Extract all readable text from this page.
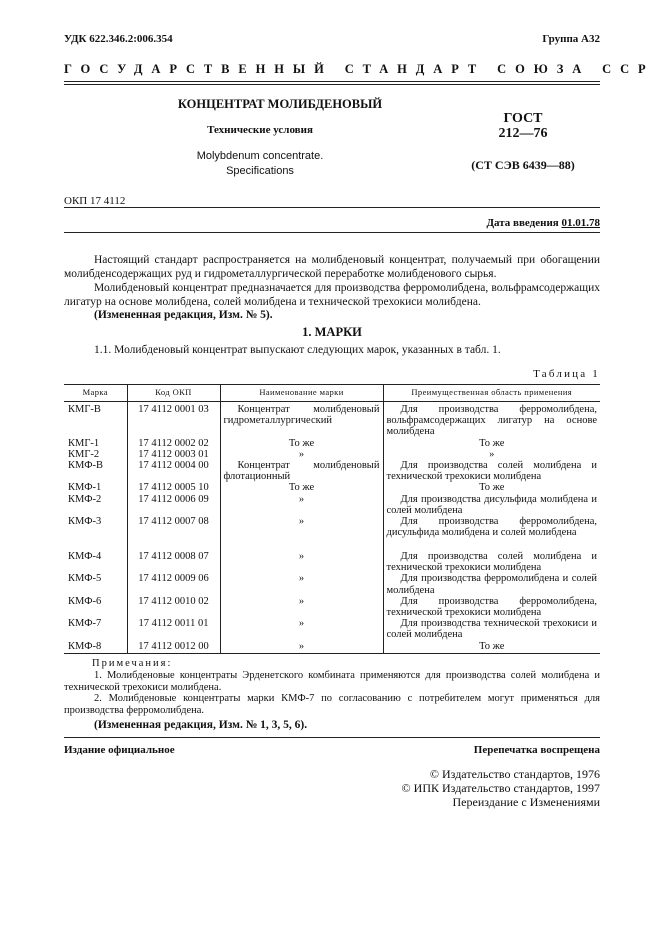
УДК 622.346.2:006.354	Группа А32
ГОСУДАРСТВЕННЫЙ СТАНДАРТ СОЮЗА ССР
КОНЦЕНТРАТ МОЛИБДЕНОВЫЙ
Технические условия
Molybdenum concentrate.
Specifications
ГОСТ
212—76
(СТ СЭВ 6439—88)
ОКП 17 4112
Дата введения 01.01.78
Настоящий стандарт распространяется на молибденовый концентрат, получаемый при обогащении молибденсодержащих руд и гидрометаллургической переработке молибденового сырья.
Молибденовый концентрат предназначается для производства ферромолибдена, вольфрамсодержащих лигатур на основе молибдена, солей молибдена и технической трехокиси молибдена.
(Измененная редакция, Изм. № 5).
1. МАРКИ
1.1. Молибденовый концентрат выпускают следующих марок, указанных в табл. 1.
Таблица 1
Марка	Код ОКП	Наименование марки	Преимущественная область применения
КМГ-В	17 4112 0001 03	Концентрат молибденовый гидрометаллургический	Для производства ферромолибдена, вольфрамсодержащих лигатур на основе молибдена
КМГ-1	17 4112 0002 02	То же	То же
КМГ-2	17 4112 0003 01	»	»
КМФ-В	17 4112 0004 00	Концентрат молибденовый флотационный	Для производства солей молибдена и технической трехокиси молибдена
КМФ-1	17 4112 0005 10	То же	То же
КМФ-2	17 4112 0006 09	»	Для производства дисульфида молибдена и солей молибдена
КМФ-3	17 4112 0007 08	»	Для производства ферромолибдена, дисульфида молибдена и солей молибдена
КМФ-4	17 4112 0008 07	»	Для производства солей молибдена и технической трехокиси молибдена
КМФ-5	17 4112 0009 06	»	Для производства ферромолибдена и солей молибдена
КМФ-6	17 4112 0010 02	»	Для производства ферромолибдена, технической трехокиси молибдена
КМФ-7	17 4112 0011 01	»	Для производства технической трехокиси и солей молибдена
КМФ-8	17 4112 0012 00	»	То же
Примечания:
1. Молибденовые концентраты Эрденетского комбината применяются для производства солей молибдена и технической трехокиси молибдена.
2. Молибденовые концентраты марки КМФ-7 по согласованию с потребителем могут применяться для производства ферромолибдена.
(Измененная редакция, Изм. № 1, 3, 5, 6).
Издание официальное	Перепечатка воспрещена
© Издательство стандартов, 1976
© ИПК Издательство стандартов, 1997
Переиздание с Изменениями
